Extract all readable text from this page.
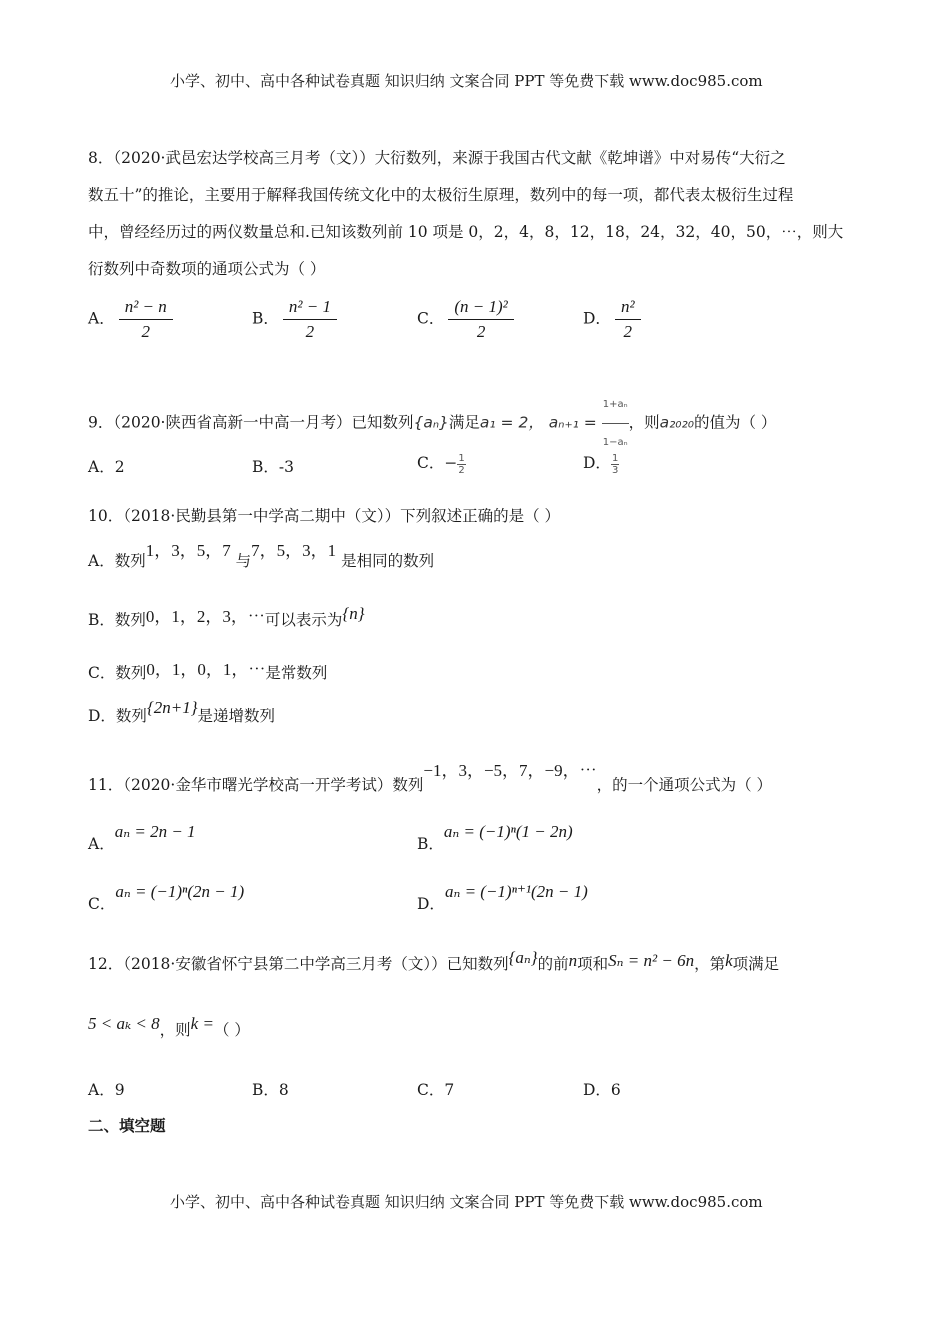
小学、初中、高中各种试卷真题 知识归纳 文案合同 PPT 等免费下载 www.doc985.com
8．（2020·武邑宏达学校高三月考（文））大衍数列，来源于我国古代文献《乾坤谱》中对易传“大衍之
数五十”的推论，主要用于解释我国传统文化中的太极衍生原理，数列中的每一项，都代表太极衍生过程
中，曾经经历过的两仪数量总和.已知该数列前 10 项是 0，2，4，8，12，18，24，32，40，50，⋯，则大
衍数列中奇数项的通项公式为（ ）
A． $\frac{\text{n² − n}}{2}$	B． $\frac{\text{n² − 1}}{2}$	C． $\frac{\text{(n − 1)²}}{2}$	D． $\frac{\text{n²}}{2}$
9．（2020·陕西省高新一中高一月考）已知数列{aₙ}满足a₁ = 2， $a_{n+1} = \frac{\text{1+aₙ}}{\text{1−aₙ}}$，则a₂₀₂₀的值为（ ）
A．2	B．-3	C．− $\frac{1}{2}$	D． $\frac{1}{3}$
10．（2018·民勤县第一中学高二期中（文））下列叙述正确的是（ ）
A．数列1，3，5，7 与7，5，3，1 是相同的数列
B．数列0，1，2，3，⋯可以表示为{n}
C．数列0，1，0，1，⋯是常数列
D．数列{2n+1}是递增数列
11．（2020·金华市曙光学校高一开学考试）数列−1，3，−5，7，−9，⋯，的一个通项公式为（ ）
A．aₙ = 2n − 1
B．aₙ = (−1)ⁿ(1 − 2n)
C．aₙ = (−1)ⁿ(2n − 1)
D．aₙ = (−1)ⁿ⁺¹(2n − 1)
12．（2018·安徽省怀宁县第二中学高三月考（文））已知数列{aₙ}的前n项和Sₙ = n² − 6n，第k项满足
5 < aₖ < 8，则k =（ ）
A．9	B．8	C．7	D．6
二、填空题
小学、初中、高中各种试卷真题 知识归纳 文案合同 PPT 等免费下载 www.doc985.com
